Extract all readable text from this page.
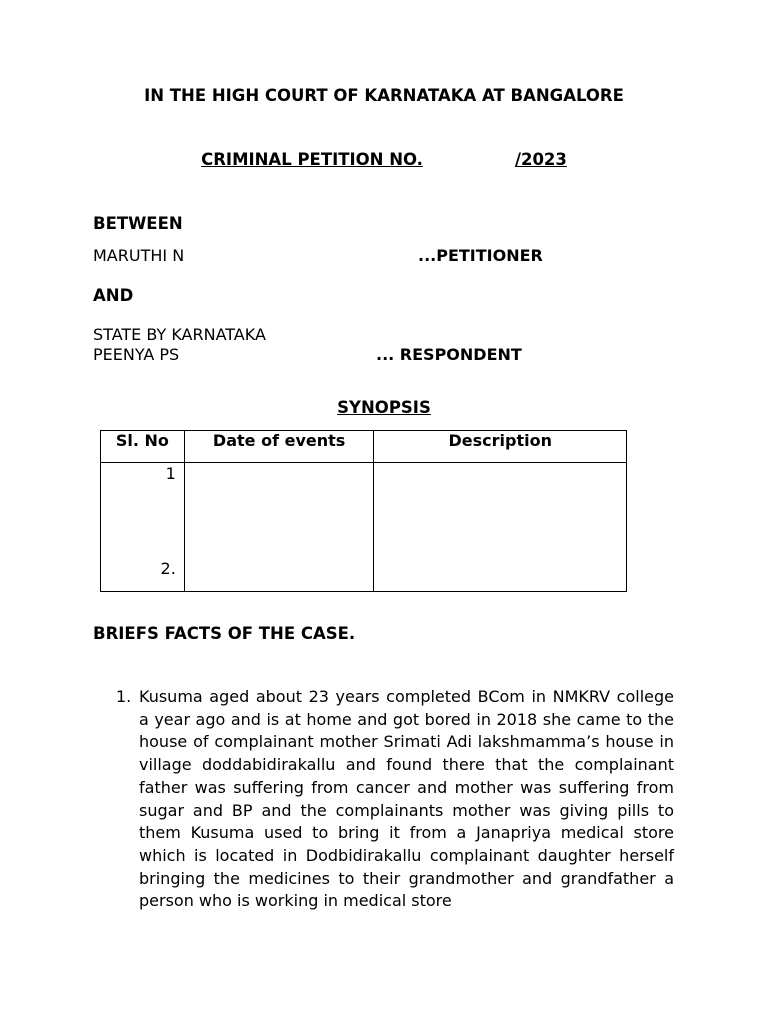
IN THE HIGH COURT OF KARNATAKA AT BANGALORE
CRIMINAL PETITION NO.	/2023
BETWEEN
MARUTHI N	...PETITIONER
AND
STATE BY KARNATAKA
PEENYA PS	... RESPONDENT
SYNOPSIS
Sl. No	Date of events	Description

1
2.		

BRIEFS FACTS OF THE CASE.
1. Kusuma aged about 23 years completed BCom in NMKRV college a year ago and is at home and got bored in 2018 she came to the house of complainant mother Srimati Adi lakshmamma’s house in village doddabidirakallu and found there that the complainant father was suffering from cancer and mother was suffering from sugar and BP and the complainants mother was giving pills to them Kusuma used to bring it from a Janapriya medical store which is located in Dodbidirakallu complainant daughter herself bringing the medicines to their grandmother and grandfather a person who is working in medical store
